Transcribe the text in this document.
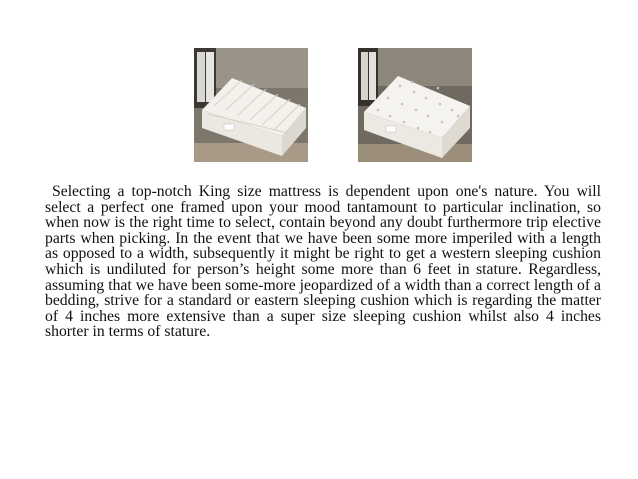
Selecting a top-notch King size mattress is dependent upon one's nature. You will select a perfect one framed upon your mood tantamount to particular inclination, so when now is the right time to select, contain beyond any doubt furthermore trip elective parts when picking. In the event that we have been some more imperiled with a length as opposed to a width, subsequently it might be right to get a western sleeping cushion which is undiluted for person’s height some more than 6 feet in stature. Regardless, assuming that we have been some-more jeopardized of a width than a correct length of a bedding, strive for a standard or eastern sleeping cushion which is regarding the matter of 4 inches more extensive than a super size sleeping cushion whilst also 4 inches shorter in terms of stature.
